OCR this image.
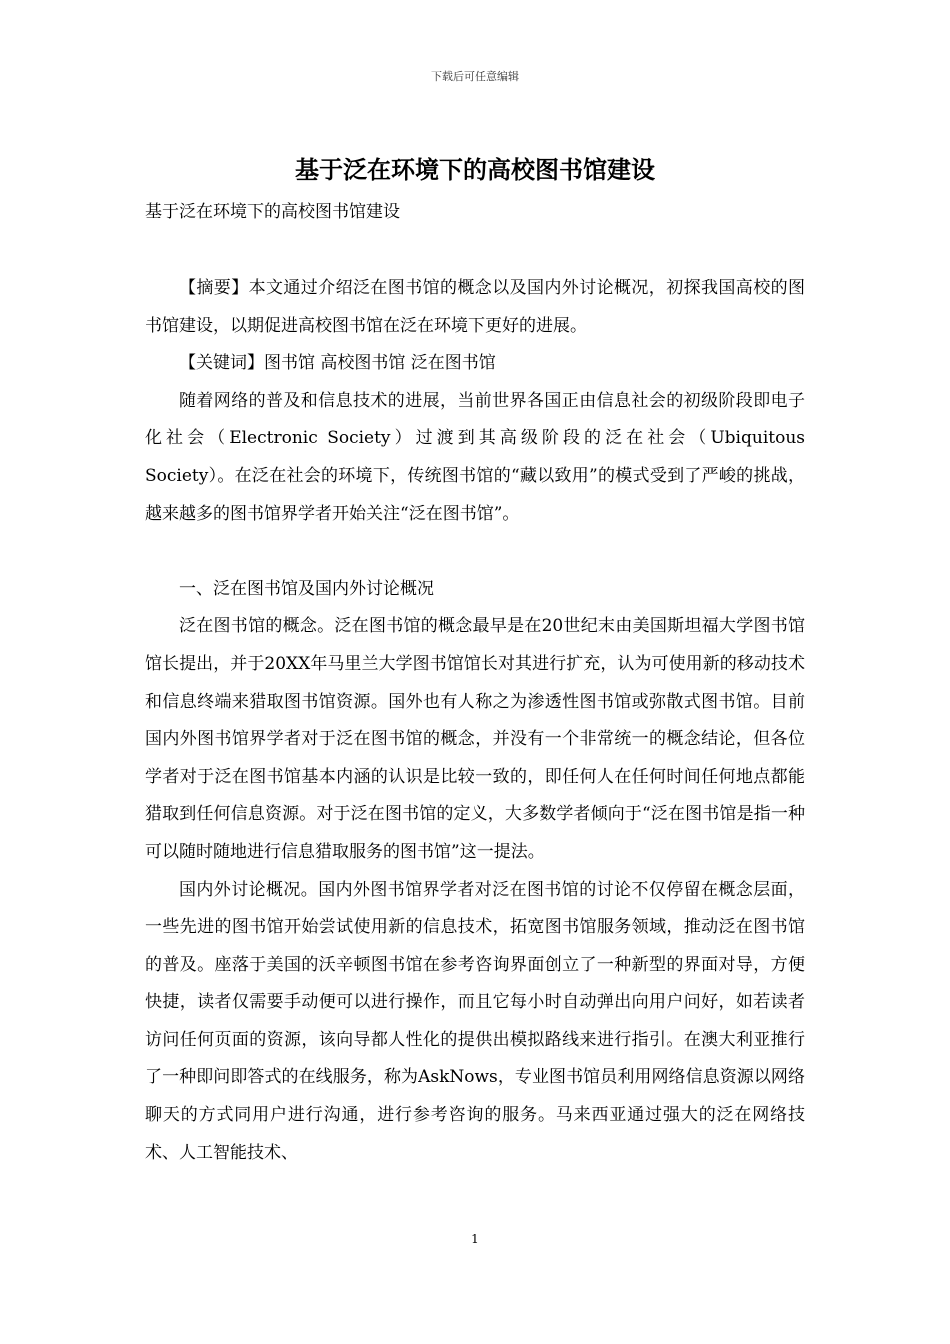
下载后可任意编辑
基于泛在环境下的高校图书馆建设
基于泛在环境下的高校图书馆建设

【摘要】本文通过介绍泛在图书馆的概念以及国内外讨论概况，初探我国高校的图书馆建设，以期促进高校图书馆在泛在环境下更好的进展。

【关键词】图书馆 高校图书馆 泛在图书馆

随着网络的普及和信息技术的进展，当前世界各国正由信息社会的初级阶段即电子化社会（Electronic Society）过渡到其高级阶段的泛在社会（Ubiquitous Society）。在泛在社会的环境下，传统图书馆的“藏以致用”的模式受到了严峻的挑战，越来越多的图书馆界学者开始关注“泛在图书馆”。

一、泛在图书馆及国内外讨论概况

泛在图书馆的概念。泛在图书馆的概念最早是在20世纪末由美国斯坦福大学图书馆馆长提出，并于20XX年马里兰大学图书馆馆长对其进行扩充，认为可使用新的移动技术和信息终端来猎取图书馆资源。国外也有人称之为渗透性图书馆或弥散式图书馆。目前国内外图书馆界学者对于泛在图书馆的概念，并没有一个非常统一的概念结论，但各位学者对于泛在图书馆基本内涵的认识是比较一致的，即任何人在任何时间任何地点都能猎取到任何信息资源。对于泛在图书馆的定义，大多数学者倾向于“泛在图书馆是指一种可以随时随地进行信息猎取服务的图书馆”这一提法。

国内外讨论概况。国内外图书馆界学者对泛在图书馆的讨论不仅停留在概念层面，一些先进的图书馆开始尝试使用新的信息技术，拓宽图书馆服务领域，推动泛在图书馆的普及。座落于美国的沃辛顿图书馆在参考咨询界面创立了一种新型的界面对导，方便快捷，读者仅需要手动便可以进行操作，而且它每小时自动弹出向用户问好，如若读者访问任何页面的资源，该向导都人性化的提供出模拟路线来进行指引。在澳大利亚推行了一种即问即答式的在线服务，称为AskNows，专业图书馆员利用网络信息资源以网络聊天的方式同用户进行沟通，进行参考咨询的服务。马来西亚通过强大的泛在网络技术、人工智能技术、

1
